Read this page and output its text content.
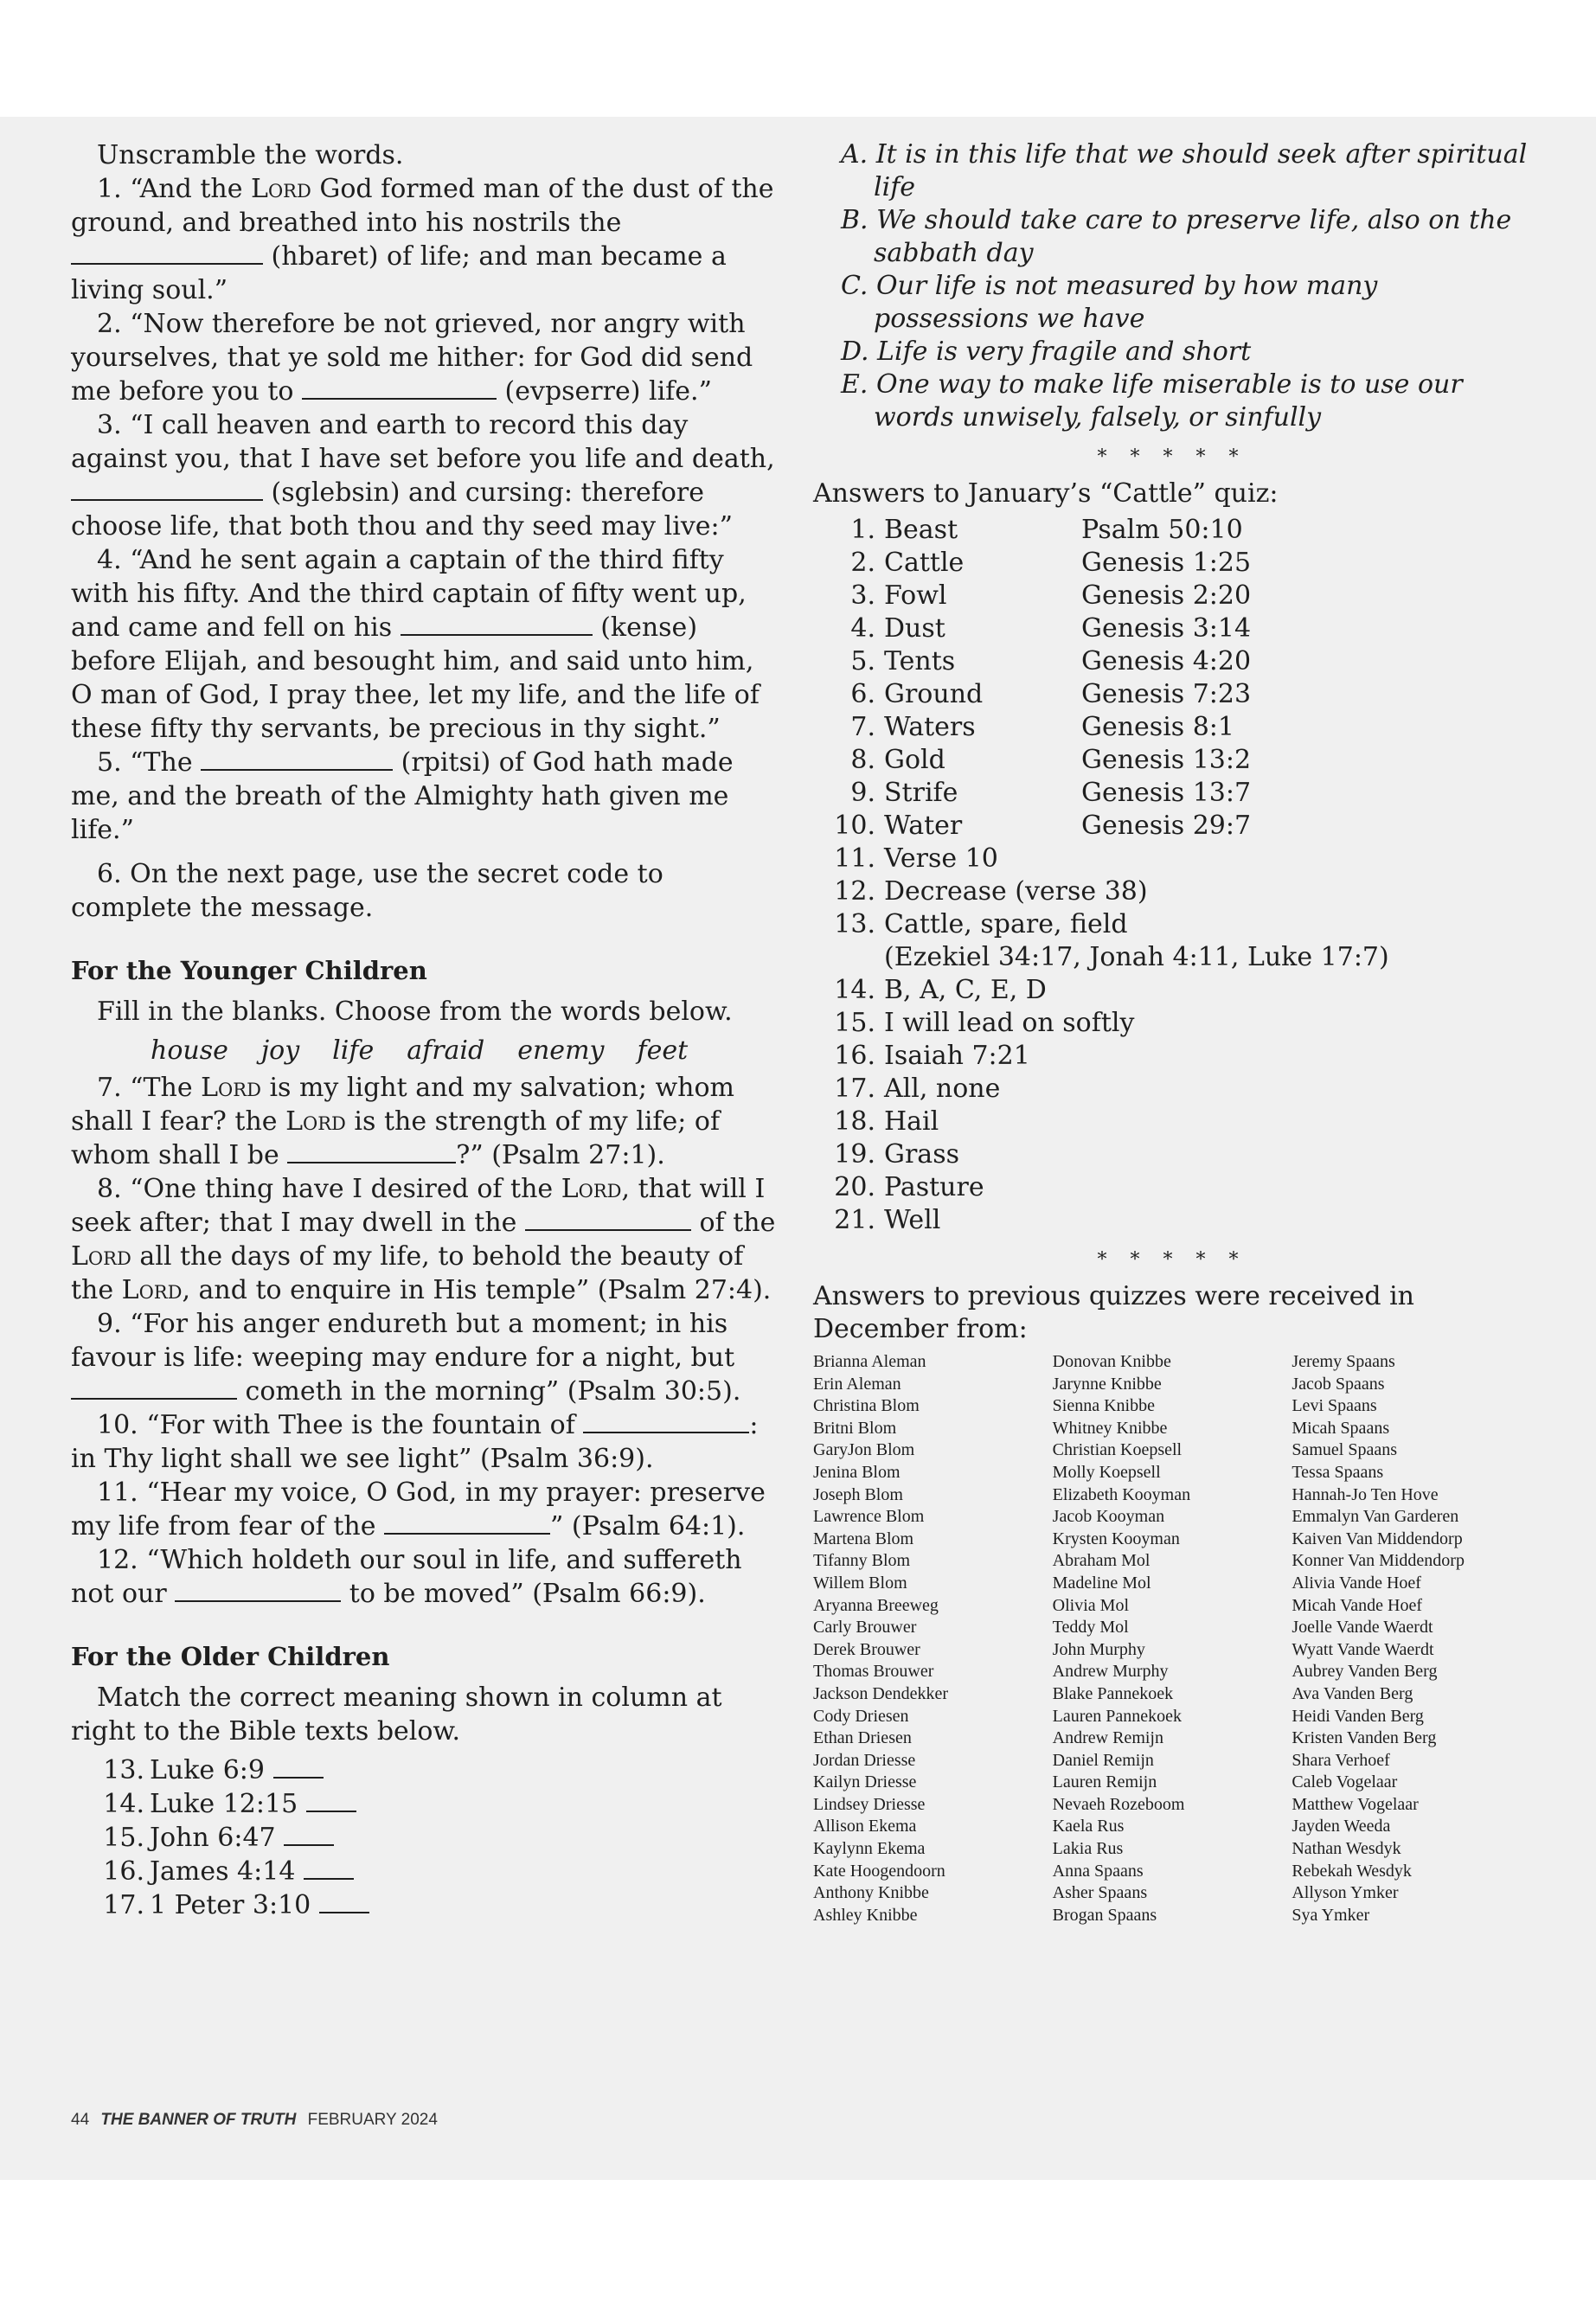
Unscramble the words.

1. “And the Lord God formed man of the dust of the ground, and breathed into his nostrils the  (hbaret) of life; and man became a living soul.”

2. “Now therefore be not grieved, nor angry with yourselves, that ye sold me hither: for God did send me before you to	(evpserre) life.”

3. “I call heaven and earth to record this day against you, that I have set before you life and death,  (sglebsin) and cursing: therefore choose life, that both thou and thy seed may live:”

4. “And he sent again a captain of the third fifty with his fifty. And the third captain of fifty went up, and came and fell on his	(kense) before Elijah, and besought him, and said unto him, O man of God, I pray thee, let my life, and the life of these fifty thy servants, be precious in thy sight.”

5. “The	(rpitsi) of God hath made me, and the breath of the Almighty hath given me life.”

6. On the next page, use the secret code to complete the message.

For the Younger Children

Fill in the blanks. Choose from the words below.

house joy life afraid enemy feet

7. “The Lord is my light and my salvation; whom shall I fear? the Lord is the strength of my life; of whom shall I be	?” (Psalm 27:1).

8. “One thing have I desired of the Lord, that will I seek after; that I may dwell in the	of the Lord all the days of my life, to behold the beauty of the Lord, and to enquire in His temple” (Psalm 27:4).

9. “For his anger endureth but a moment; in his favour is life: weeping may endure for a night, but  cometh in the morning” (Psalm 30:5).

10. “For with Thee is the fountain of	: in Thy light shall we see light” (Psalm 36:9).

11. “Hear my voice, O God, in my prayer: preserve my life from fear of the	” (Psalm 64:1).

12. “Which holdeth our soul in life, and suffereth not our	to be moved” (Psalm 66:9).

For the Older Children

Match the correct meaning shown in column at right to the Bible texts below.

13. Luke 6:9
14. Luke 12:15
15. John 6:47
16. James 4:14
17. 1 Peter 3:10
A. It is in this life that we should seek after spiritual life
B. We should take care to preserve life, also on the sabbath day
C. Our life is not measured by how many possessions we have
D. Life is very fragile and short
E. One way to make life miserable is to use our words unwisely, falsely, or sinfully

* * * * *

Answers to January’s “Cattle” quiz:

1. Beast	Psalm 50:10
2. Cattle	Genesis 1:25
3. Fowl	Genesis 2:20
4. Dust	Genesis 3:14
5. Tents	Genesis 4:20
6. Ground	Genesis 7:23
7. Waters	Genesis 8:1
8. Gold	Genesis 13:2
9. Strife	Genesis 13:7
10. Water	Genesis 29:7
11. Verse 10
12. Decrease (verse 38)
13. Cattle, spare, field
(Ezekiel 34:17, Jonah 4:11, Luke 17:7)
14. B, A, C, E, D
15. I will lead on softly
16. Isaiah 7:21
17. All, none
18. Hail
19. Grass
20. Pasture
21. Well

* * * * *

Answers to previous quizzes were received in December from:

Brianna Aleman
Erin Aleman
Christina Blom
Britni Blom
GaryJon Blom
Jenina Blom
Joseph Blom
Lawrence Blom
Martena Blom
Tifanny Blom
Willem Blom
Aryanna Breeweg
Carly Brouwer
Derek Brouwer
Thomas Brouwer
Jackson Dendekker
Cody Driesen
Ethan Driesen
Jordan Driesse
Kailyn Driesse
Lindsey Driesse
Allison Ekema
Kaylynn Ekema
Kate Hoogendoorn
Anthony Knibbe
Ashley Knibbe
Donovan Knibbe
Jarynne Knibbe
Sienna Knibbe
Whitney Knibbe
Christian Koepsell
Molly Koepsell
Elizabeth Kooyman
Jacob Kooyman
Krysten Kooyman
Abraham Mol
Madeline Mol
Olivia Mol
Teddy Mol
John Murphy
Andrew Murphy
Blake Pannekoek
Lauren Pannekoek
Andrew Remijn
Daniel Remijn
Lauren Remijn
Nevaeh Rozeboom
Kaela Rus
Lakia Rus
Anna Spaans
Asher Spaans
Brogan Spaans
Jeremy Spaans
Jacob Spaans
Levi Spaans
Micah Spaans
Samuel Spaans
Tessa Spaans
Hannah-Jo Ten Hove
Emmalyn Van Garderen
Kaiven Van Middendorp
Konner Van Middendorp
Alivia Vande Hoef
Micah Vande Hoef
Joelle Vande Waerdt
Wyatt Vande Waerdt
Aubrey Vanden Berg
Ava Vanden Berg
Heidi Vanden Berg
Kristen Vanden Berg
Shara Verhoef
Caleb Vogelaar
Matthew Vogelaar
Jayden Weeda
Nathan Wesdyk
Rebekah Wesdyk
Allyson Ymker
Sya Ymker
44 THE BANNER OF TRUTH FEBRUARY 2024
